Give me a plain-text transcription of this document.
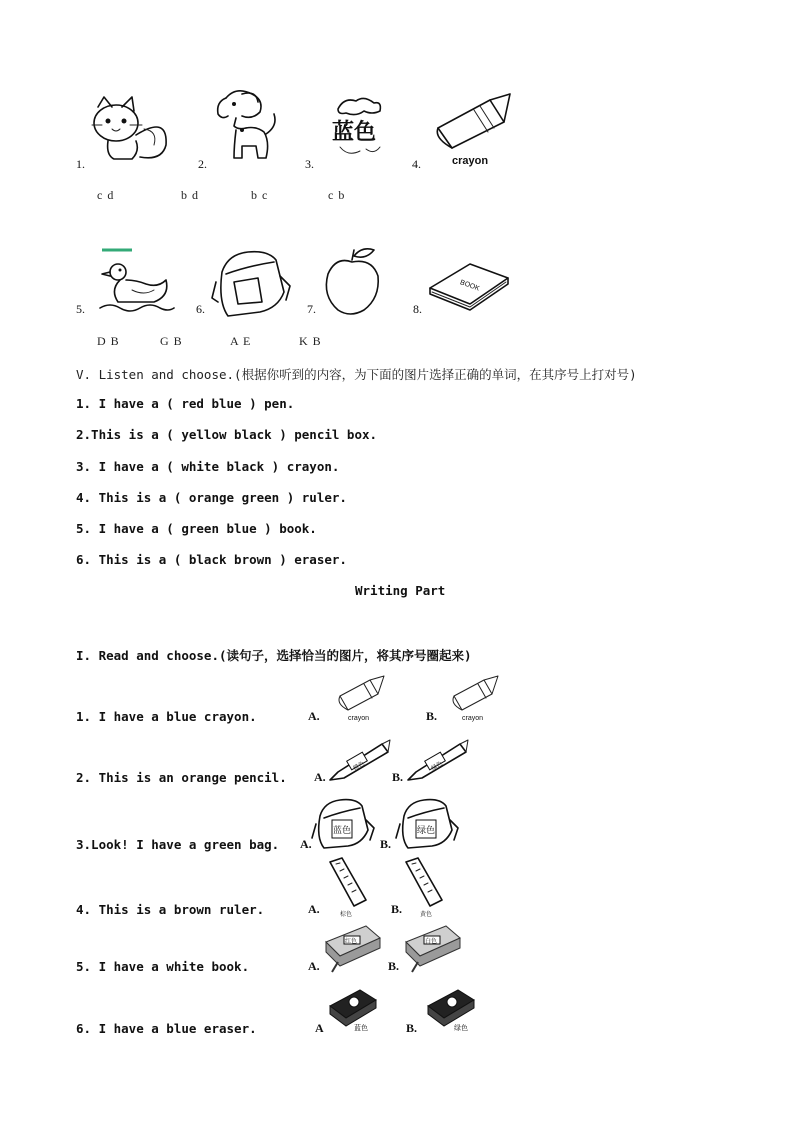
1.	2.	3.
蓝色
4.	crayon
c d	b d	b c	c b
5.	6.	7.	8.
BOOK
D B	G B	A E	K B
V. Listen and choose.(根据你听到的内容，为下面的图片选择正确的单词，在其序号上打对号)
1. I have a ( red blue ) pen.
2.This is a ( yellow black ) pencil box.
3. I have a ( white black ) crayon.
4. This is a ( orange green ) ruler.
5. I have a ( green blue ) book.
6. This is a ( black brown ) eraser.
Writing Part
I. Read and choose.(读句子，选择恰当的图片，将其序号圈起来)
1. I have a blue crayon.	A.	crayon	B.	crayon
2. This is an orange pencil. A.
橙色
B.
绿色
3.Look! I have a green bag. A.
蓝色
B.
绿色
4. This is a brown ruler.	A.	棕色	B.	黄色
5. I have a white book.	A.
红色
B.
白色
6. I have a blue eraser.	A	蓝色	B.	绿色
